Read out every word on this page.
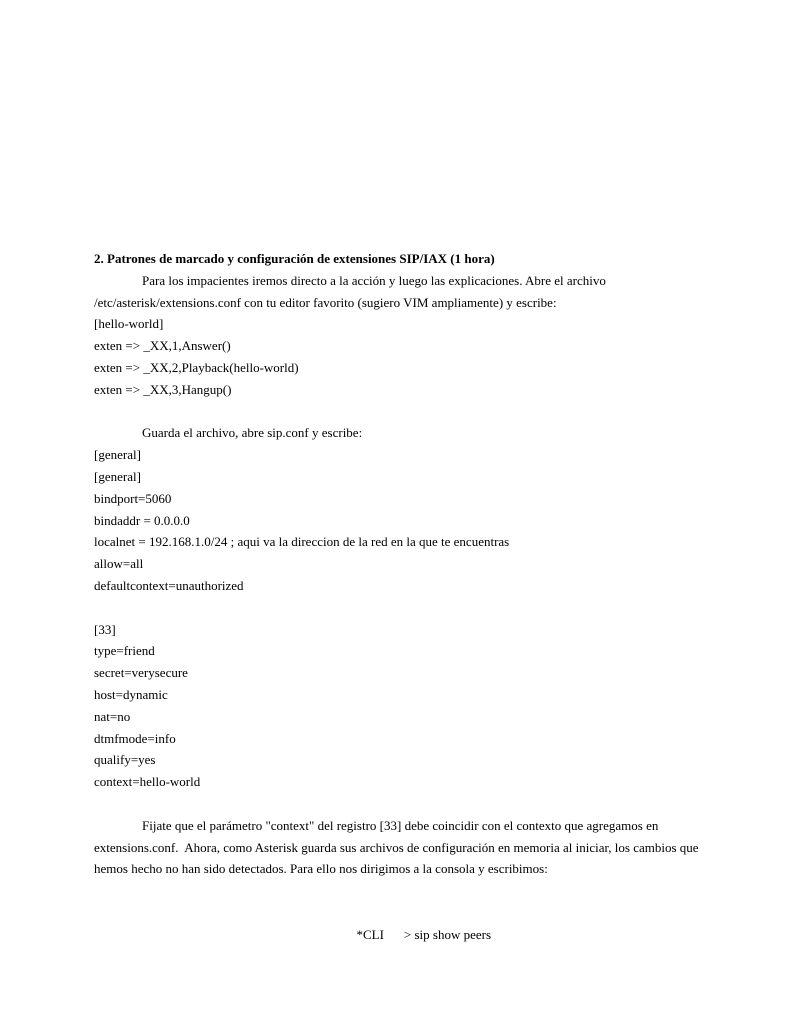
2. Patrones de marcado y configuración de extensiones SIP/IAX (1 hora)
Para los impacientes iremos directo a la acción y luego las explicaciones. Abre el archivo
/etc/asterisk/extensions.conf con tu editor favorito (sugiero VIM ampliamente) y escribe:
[hello-world]
exten => _XX,1,Answer()
exten => _XX,2,Playback(hello-world)
exten => _XX,3,Hangup()
Guarda el archivo, abre sip.conf y escribe:
[general]
[general]
bindport=5060
bindaddr = 0.0.0.0
localnet = 192.168.1.0/24 ; aqui va la direccion de la red en la que te encuentras
allow=all
defaultcontext=unauthorized
[33]
type=friend
secret=verysecure
host=dynamic
nat=no
dtmfmode=info
qualify=yes
context=hello-world
Fijate que el parámetro "context" del registro [33] debe coincidir con el contexto que agregamos en
extensions.conf.  Ahora, como Asterisk guarda sus archivos de configuración en memoria al iniciar, los cambios que
hemos hecho no han sido detectados. Para ello nos dirigimos a la consola y escribimos:

*CLI > sip show peers
